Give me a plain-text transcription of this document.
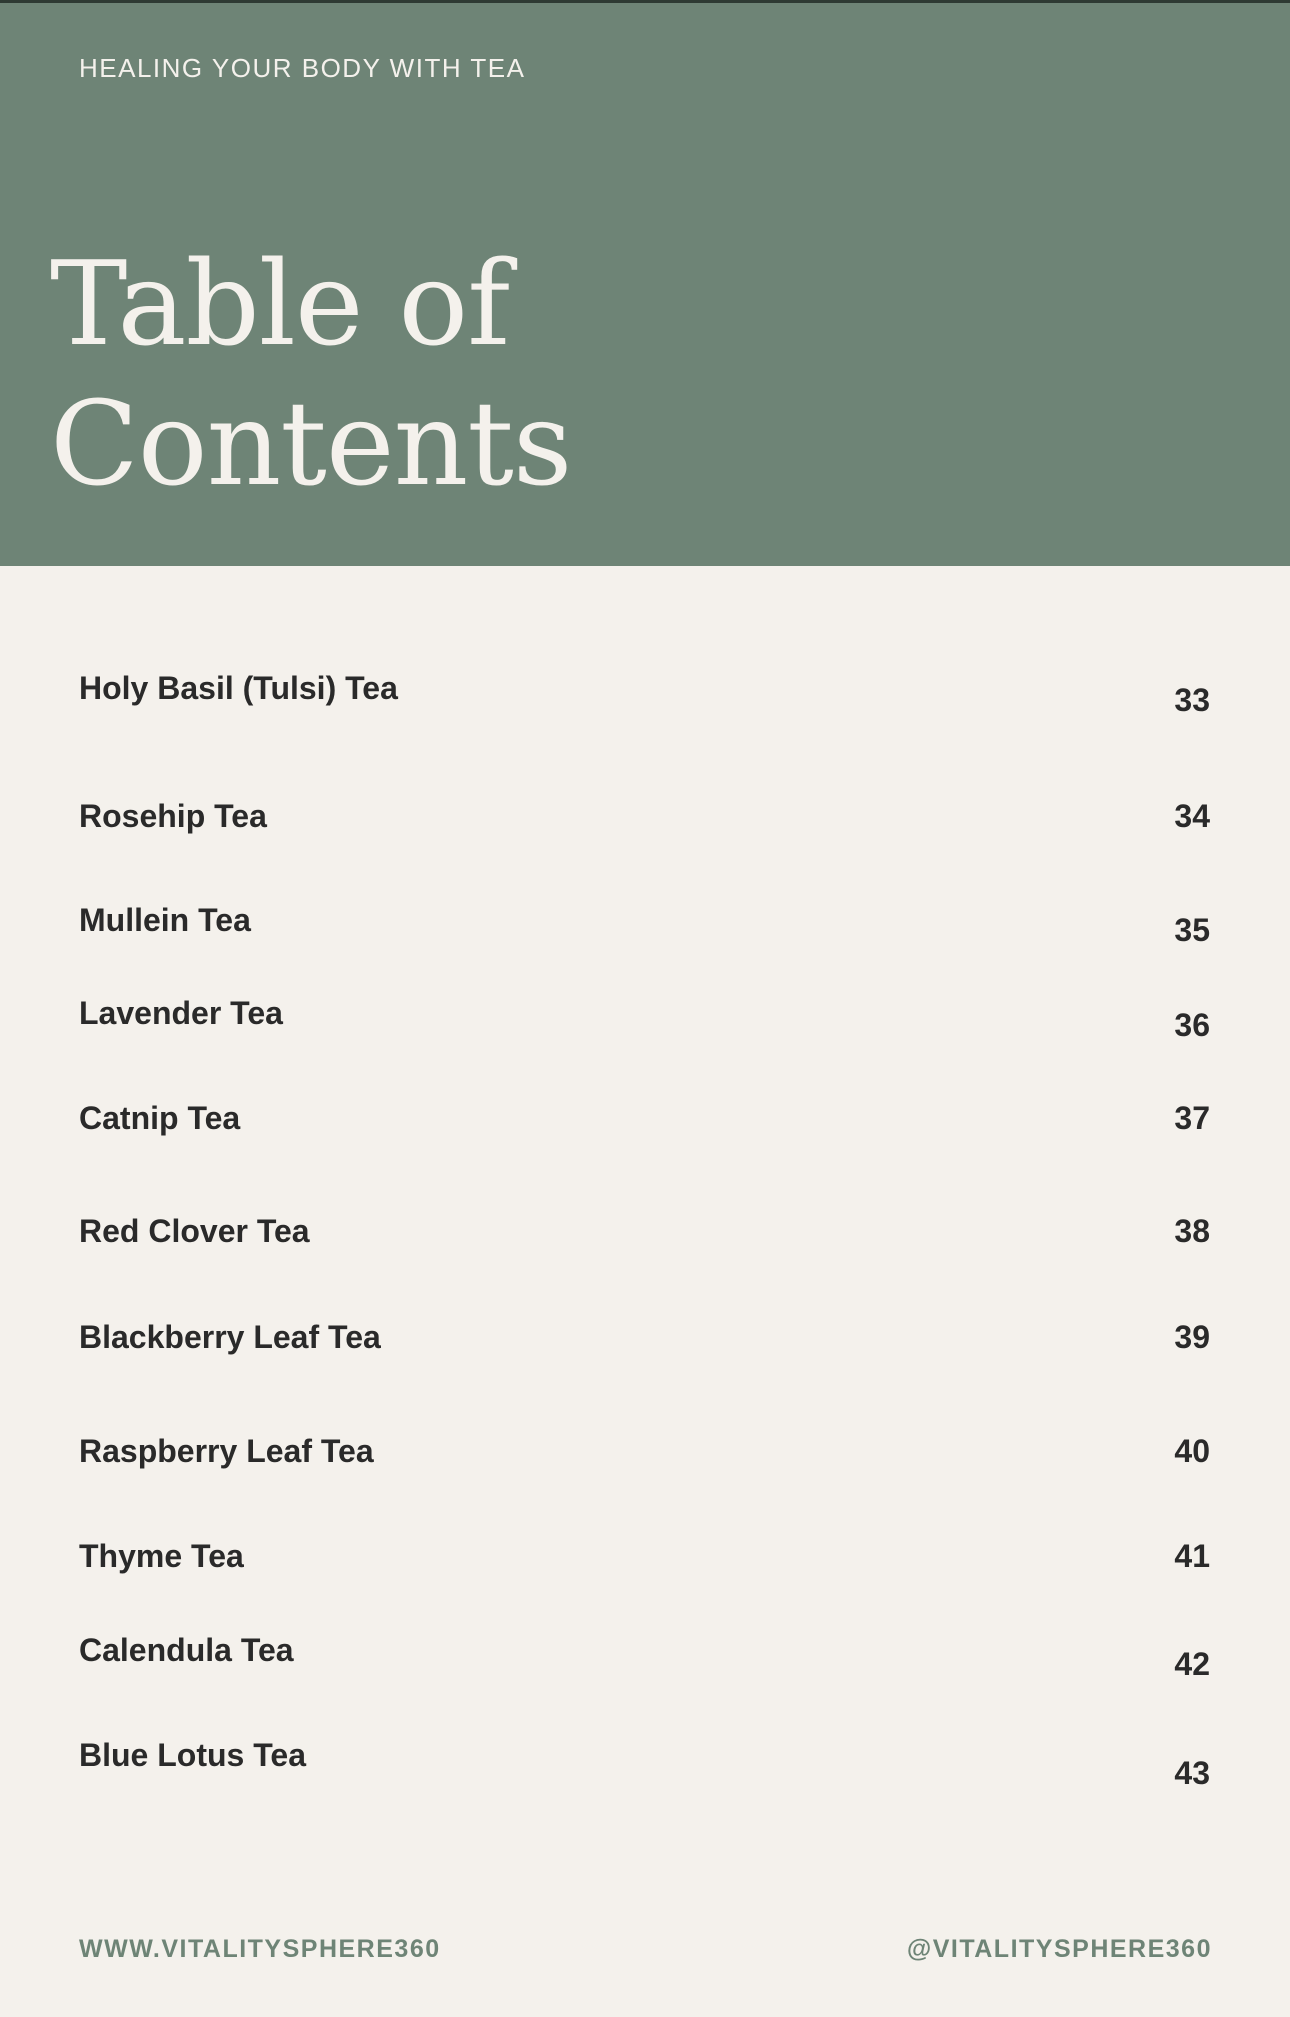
HEALING YOUR BODY WITH TEA
Table of
Contents
Holy Basil (Tulsi) Tea	33
Rosehip Tea	34
Mullein Tea	35
Lavender Tea	36
Catnip Tea	37
Red Clover Tea	38
Blackberry Leaf Tea	39
Raspberry Leaf Tea	40
Thyme Tea	41
Calendula Tea	42
Blue Lotus Tea	43
WWW.VITALITYSPHERE360	@VITALITYSPHERE360
